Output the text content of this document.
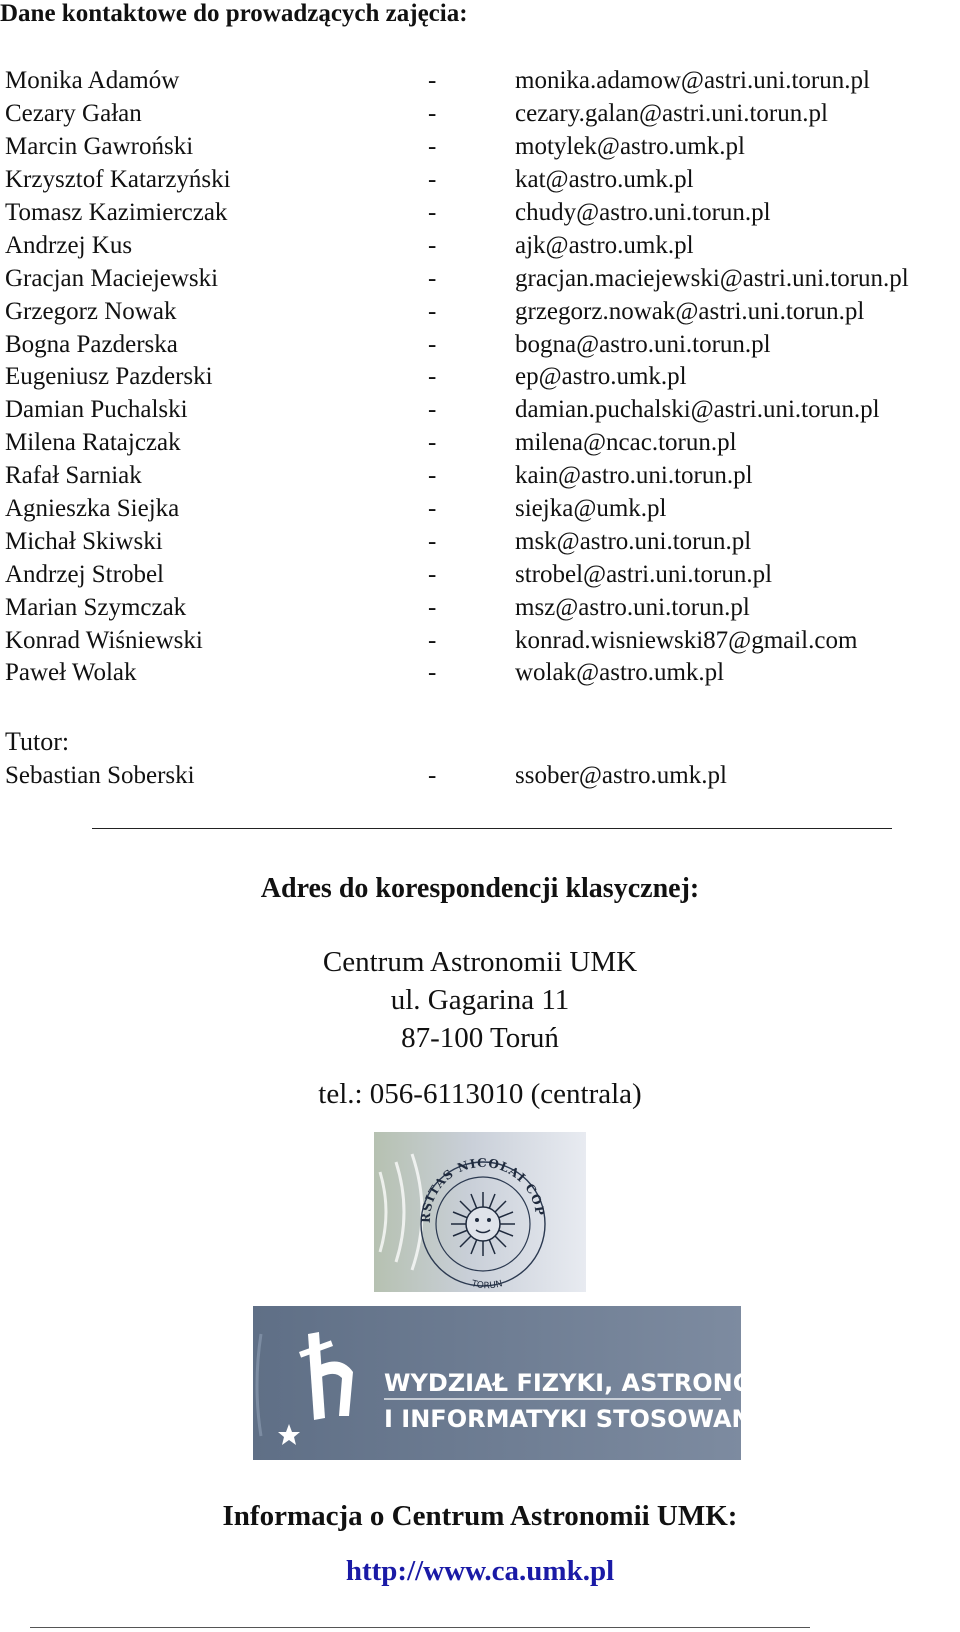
Dane kontaktowe do prowadzących zajęcia:
Monika Adamów	-	monika.adamow@astri.uni.torun.pl
Cezary Gałan	-	cezary.galan@astri.uni.torun.pl
Marcin Gawroński	-	motylek@astro.umk.pl
Krzysztof Katarzyński	-	kat@astro.umk.pl
Tomasz Kazimierczak	-	chudy@astro.uni.torun.pl
Andrzej Kus	-	ajk@astro.umk.pl
Gracjan Maciejewski	-	gracjan.maciejewski@astri.uni.torun.pl
Grzegorz Nowak	-	grzegorz.nowak@astri.uni.torun.pl
Bogna Pazderska	-	bogna@astro.uni.torun.pl
Eugeniusz Pazderski	-	ep@astro.umk.pl
Damian Puchalski	-	damian.puchalski@astri.uni.torun.pl
Milena Ratajczak	-	milena@ncac.torun.pl
Rafał Sarniak	-	kain@astro.uni.torun.pl
Agnieszka Siejka	-	siejka@umk.pl
Michał Skiwski	-	msk@astro.uni.torun.pl
Andrzej Strobel	-	strobel@astri.uni.torun.pl
Marian Szymczak	-	msz@astro.uni.torun.pl
Konrad Wiśniewski	-	konrad.wisniewski87@gmail.com
Paweł Wolak	-	wolak@astro.umk.pl
Tutor:
Sebastian Soberski	-	ssober@astro.umk.pl
Adres do korespondencji klasycznej:
Centrum Astronomii UMK
ul. Gagarina 11
87-100 Toruń
tel.: 056-6113010 (centrala)
RSITAS NICOLAI COP
TORUN
WYDZIAŁ FIZYKI, ASTRONOMII
I INFORMATYKI STOSOWANEJ
Informacja o Centrum Astronomii UMK:
http://www.ca.umk.pl
